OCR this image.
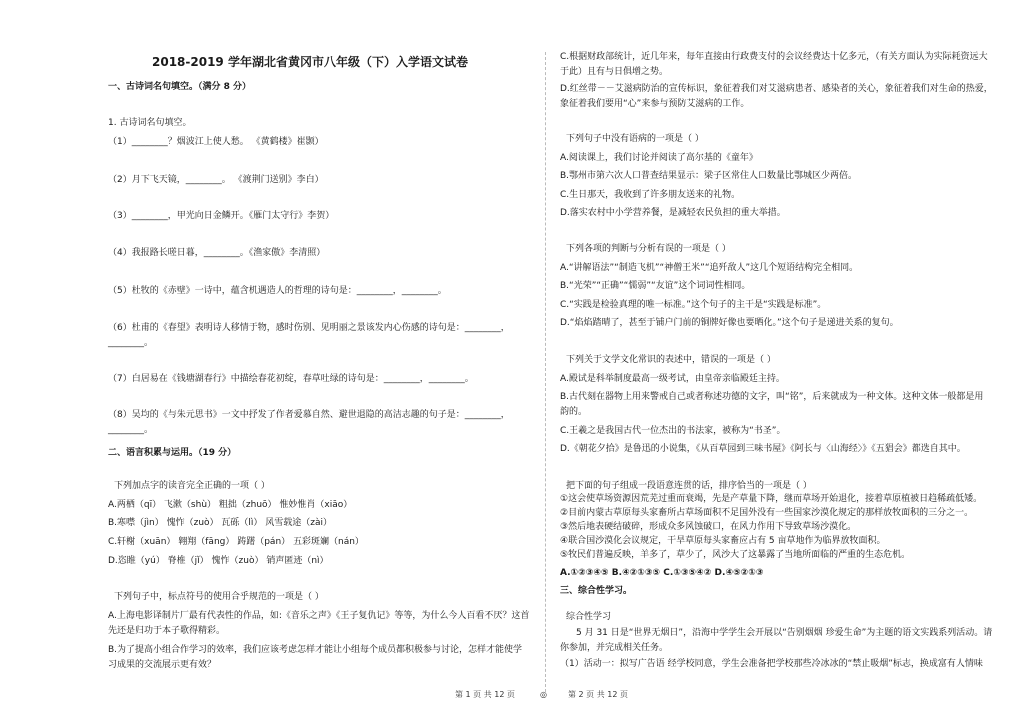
2018-2019 学年湖北省黄冈市八年级（下）入学语文试卷
一、古诗词名句填空。（满分 8 分）
1. 古诗词名句填空。
（1）________？烟波江上使人愁。 《黄鹤楼》崔颢）
（2）月下飞天镜，________。 《渡荆门送别》李白）
（3）________，甲光向日金鳞开。《雁门太守行》李贺）
（4）我报路长嗟日暮，________。《渔家傲》李清照）
（5）杜牧的《赤壁》一诗中，蕴含机遇造人的哲理的诗句是：________，________。
（6）杜甫的《春望》表明诗人移情于物，感时伤别、见明丽之景该发内心伤感的诗句是：________，
________。
（7）白居易在《钱塘湖春行》中描绘春花初绽，春草吐绿的诗句是：________，________。
（8）吴均的《与朱元思书》一文中抒发了作者爱慕自然、避世退隐的高洁志趣的句子是：________，
________。
二、语言积累与运用。（19 分）
下列加点字的读音完全正确的一项（ ）
A.两栖（qī） 飞漱（shù） 粗拙（zhuō） 惟妙惟肖（xiāo）
B.寒噤（jìn） 愧怍（zuò） 瓦砾（lì） 风雪载途（zài）
C.轩榭（xuān） 翱翔（fāng） 踌躇（pán） 五彩斑斓（nán）
D.恣睢（yú） 脊椎（jǐ） 愧怍（zuò） 销声匿迹（nì）
下列句子中，标点符号的使用合乎规范的一项是（ ）
A.上海电影译制片厂最有代表性的作品，如:《音乐之声》《王子复仇记》等等，为什么今人百看不厌？这首
先还是归功于本子歌得精彩。
B.为了提高小组合作学习的效率，我们应该考虑怎样才能让小组每个成员都积极参与讨论，怎样才能使学
习成果的交流展示更有效？
C.根据财政部统计，近几年来，每年直接由行政费支付的会议经费达十亿多元，（有关方面认为实际耗资远大
于此）且有与日俱增之势。
D.红丝带－－艾滋病防治的宣传标识，象征着我们对艾滋病患者、感染者的关心，象征着我们对生命的热爱，
象征着我们要用“心”来参与预防艾滋病的工作。
下列句子中没有语病的一项是（ ）
A.阅读课上，我们讨论并阅读了高尔基的《童年》
B.鄂州市第六次人口普查结果显示：梁子区常住人口数量比鄂城区少两倍。
C.生日那天，我收到了许多朋友送来的礼物。
D.落实农村中小学营养餐，是减轻农民负担的重大举措。
下列各项的判断与分析有误的一项是（ ）
A.“讲解语法”“制造飞机”“神僧王米”“追歼敌人”这几个短语结构完全相同。
B.“光荣”“正确”“懦弱”“友谊”这个词词性相同。
C.“实践是检验真理的唯一标准。”这个句子的主干是“实践是标准”。
D.“焰焰踏晴了，甚至于铺户门前的铜牌好像也要晒化。”这个句子是递进关系的复句。
下列关于文学文化常识的表述中，错误的一项是（ ）
A.殿试是科举制度最高一级考试，由皇帝亲临殿廷主持。
B.古代刻在器物上用来警戒自己或者称述功德的文字，叫“铭”，后来就成为一种文体。这种文体一般都是用
韵的。
C.王羲之是我国古代一位杰出的书法家，被称为“书圣”。
D.《朝花夕拾》是鲁迅的小说集，《从百草园到三味书屋》《阿长与〈山海经〉》《五猖会》都选自其中。
把下面的句子组成一段语意连贯的话，排序恰当的一项是（ ）
①这会使草场资源因荒芜过重而衰竭，先是产草量下降，继而草场开始退化，接着草原植被日趋稀疏低矮。
②目前内蒙古草原每头家畜所占草场面积不足国外没有一些国家沙漠化规定的那样放牧面积的三分之一。
③然后地表硬结破碎，形成众多风蚀破口，在风力作用下导致草场沙漠化。
④联合国沙漠化会议规定，干旱草原每头家畜应占有 5 亩草地作为临界放牧面积。
⑤牧民们普遍反映，羊多了，草少了，风沙大了这暴露了当地所面临的严重的生态危机。
A.①②③④⑤ B.④②①③⑤ C.①③⑤④② D.④⑤②①③
三、综合性学习。
综合性学习
5 月 31 日是“世界无烟日”，沿海中学学生会开展以“告别烟烟 珍爱生命”为主题的语文实践系列活动。请
你参加，并完成相关任务。
（1）活动一：拟写广告语 经学校同意，学生会准备把学校那些冷冰冰的“禁止吸烟”标志，换成富有人情味
第 1 页 共 12 页	◎	第 2 页 共 12 页
